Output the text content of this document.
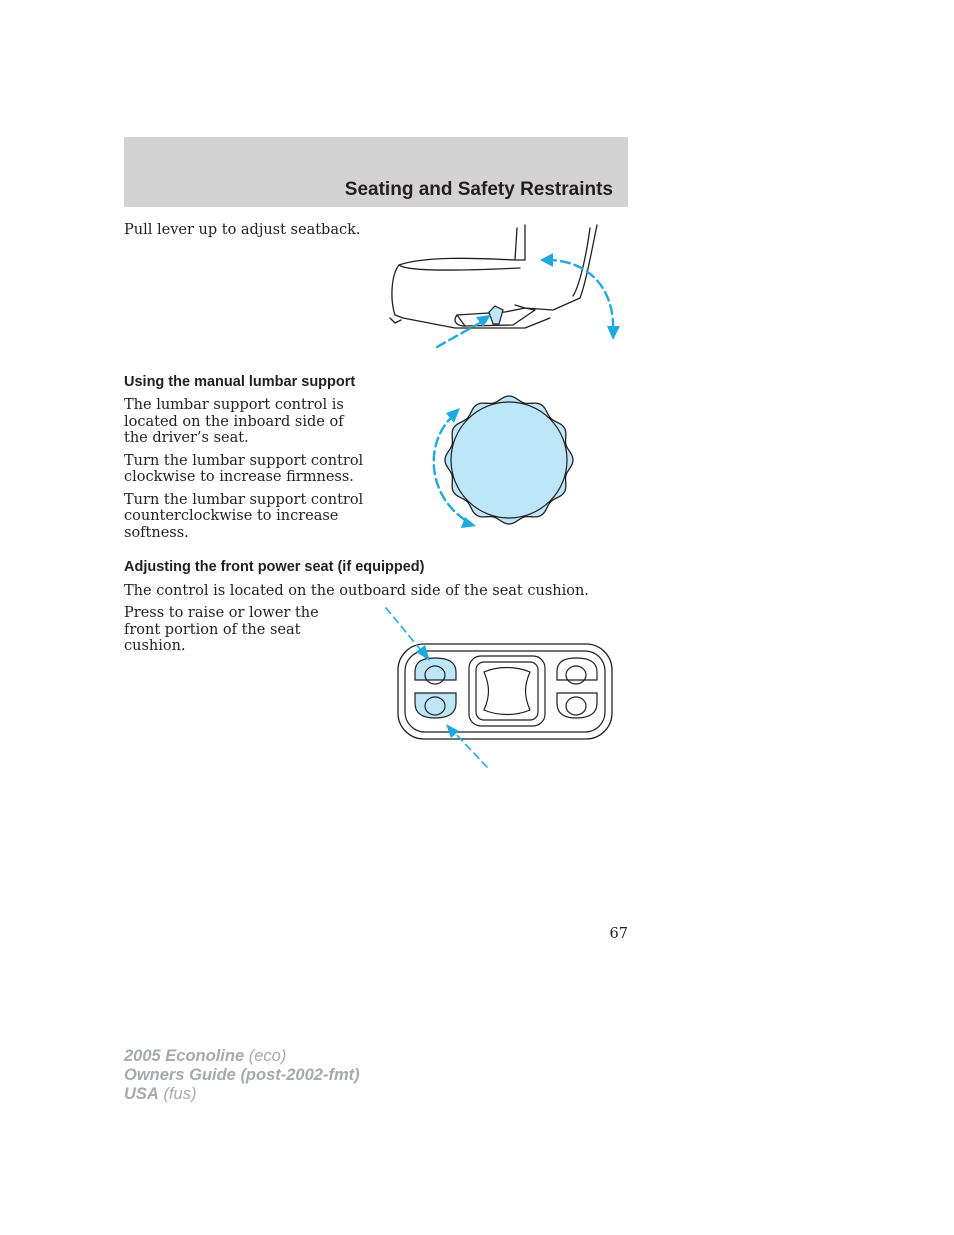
Seating and Safety Restraints
Pull lever up to adjust seatback.
Using the manual lumbar support

The lumbar support control is located on the inboard side of the driver’s seat.

Turn the lumbar support control clockwise to increase firmness.

Turn the lumbar support control counterclockwise to increase softness.

Adjusting the front power seat (if equipped)
The control is located on the outboard side of the seat cushion.
Press to raise or lower the front portion of the seat cushion.
67
2005 Econoline (eco)
Owners Guide (post-2002-fmt)
USA (fus)
